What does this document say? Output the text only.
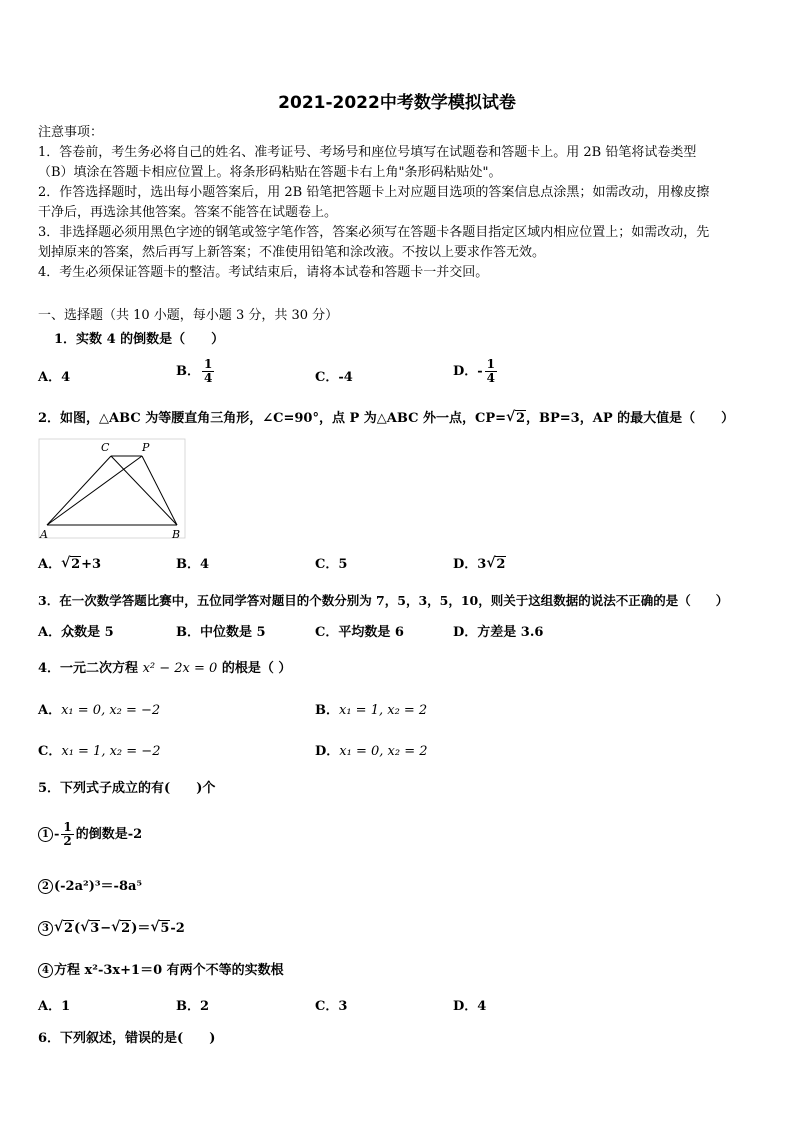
2021-2022中考数学模拟试卷
注意事项：
1．答卷前，考生务必将自己的姓名、准考证号、考场号和座位号填写在试题卷和答题卡上。用 2B 铅笔将试卷类型
（B）填涂在答题卡相应位置上。将条形码粘贴在答题卡右上角"条形码粘贴处"。
2．作答选择题时，选出每小题答案后，用 2B 铅笔把答题卡上对应题目选项的答案信息点涂黑；如需改动，用橡皮擦
干净后，再选涂其他答案。答案不能答在试题卷上。
3．非选择题必须用黑色字迹的钢笔或签字笔作答，答案必须写在答题卡各题目指定区域内相应位置上；如需改动，先
划掉原来的答案，然后再写上新答案；不准使用铅笔和涂改液。不按以上要求作答无效。
4．考生必须保证答题卡的整洁。考试结束后，请将本试卷和答题卡一并交回。
一、选择题（共 10 小题，每小题 3 分，共 30 分）
1．实数 4 的倒数是（　　）
A．4	B． $\frac{1}{4}$	C．-4	D．- $\frac{1}{4}$
2．如图，△ABC 为等腰直角三角形，∠C=90°，点 P 为△ABC 外一点，CP= √ 2，BP=3，AP 的最大值是（　　）
C	P
A	B
A． √ 2+3	B．4	C．5	D．3 √ 2
3．在一次数学答题比赛中，五位同学答对题目的个数分别为 7，5，3，5，10，则关于这组数据的说法不正确的是（　　）
A．众数是 5	B．中位数是 5	C．平均数是 6	D．方差是 3.6
4．一元二次方程 x² − 2x = 0 的根是（ ）
A．x₁ = 0, x₂ = −2	B．x₁ = 1, x₂ = 2
C．x₁ = 1, x₂ = −2	D．x₁ = 0, x₂ = 2
5．下列式子成立的有(　　)个
$1 - \frac{1}{2}$ 的倒数是-2
2 (-2a²)³＝-8a⁵
3 √ 2( √ 3− √ 2)＝ √ 5-2
4 方程 x²-3x+1＝0 有两个不等的实数根
A．1	B．2	C．3	D．4
6．下列叙述，错误的是(　　)
